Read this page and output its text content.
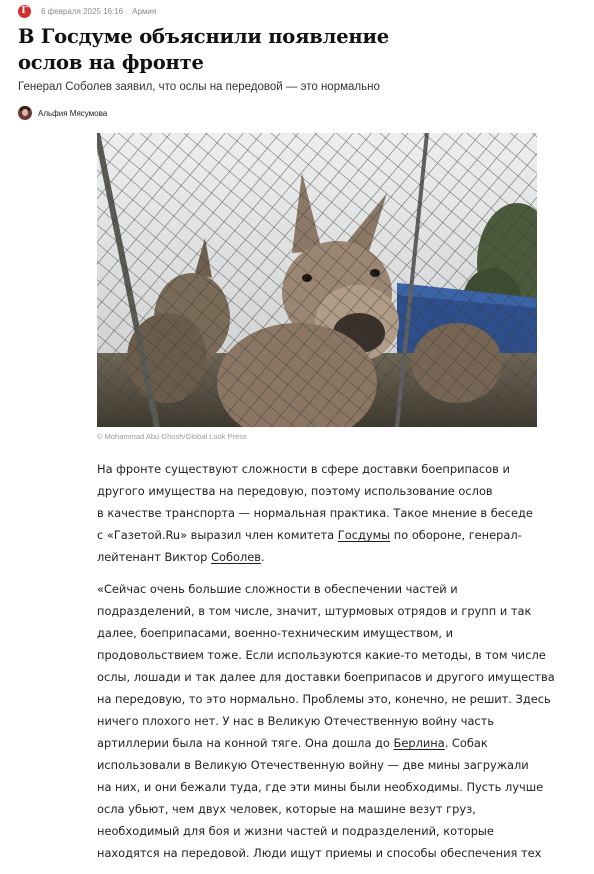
Г	6 февраля 2025 16:16 Армия
В Госдуме объяснили появление ослов на фронте

Генерал Соболев заявил, что ослы на передовой — это нормально

Альфия Мясумова
© Mohammad Abu Ghosh/Global Look Press

На фронте существуют сложности в сфере доставки боеприпасов и
другого имущества на передовую, поэтому использование ослов
в качестве транспорта — нормальная практика. Такое мнение в беседе
с «Газетой.Ru» выразил член комитета Госдумы по обороне, генерал-
лейтенант Виктор Соболев.

«Сейчас очень большие сложности в обеспечении частей и
подразделений, в том числе, значит, штурмовых отрядов и групп и так
далее, боеприпасами, военно-техническим имуществом, и
продовольствием тоже. Если используются какие-то методы, в том числе
ослы, лошади и так далее для доставки боеприпасов и другого имущества
на передовую, то это нормально. Проблемы это, конечно, не решит. Здесь
ничего плохого нет. У нас в Великую Отечественную войну часть
артиллерии была на конной тяге. Она дошла до Берлина. Собак
использовали в Великую Отечественную войну — две мины загружали
на них, и они бежали туда, где эти мины были необходимы. Пусть лучше
осла убьют, чем двух человек, которые на машине везут груз,
необходимый для боя и жизни частей и подразделений, которые
находятся на передовой. Люди ищут приемы и способы обеспечения тех
